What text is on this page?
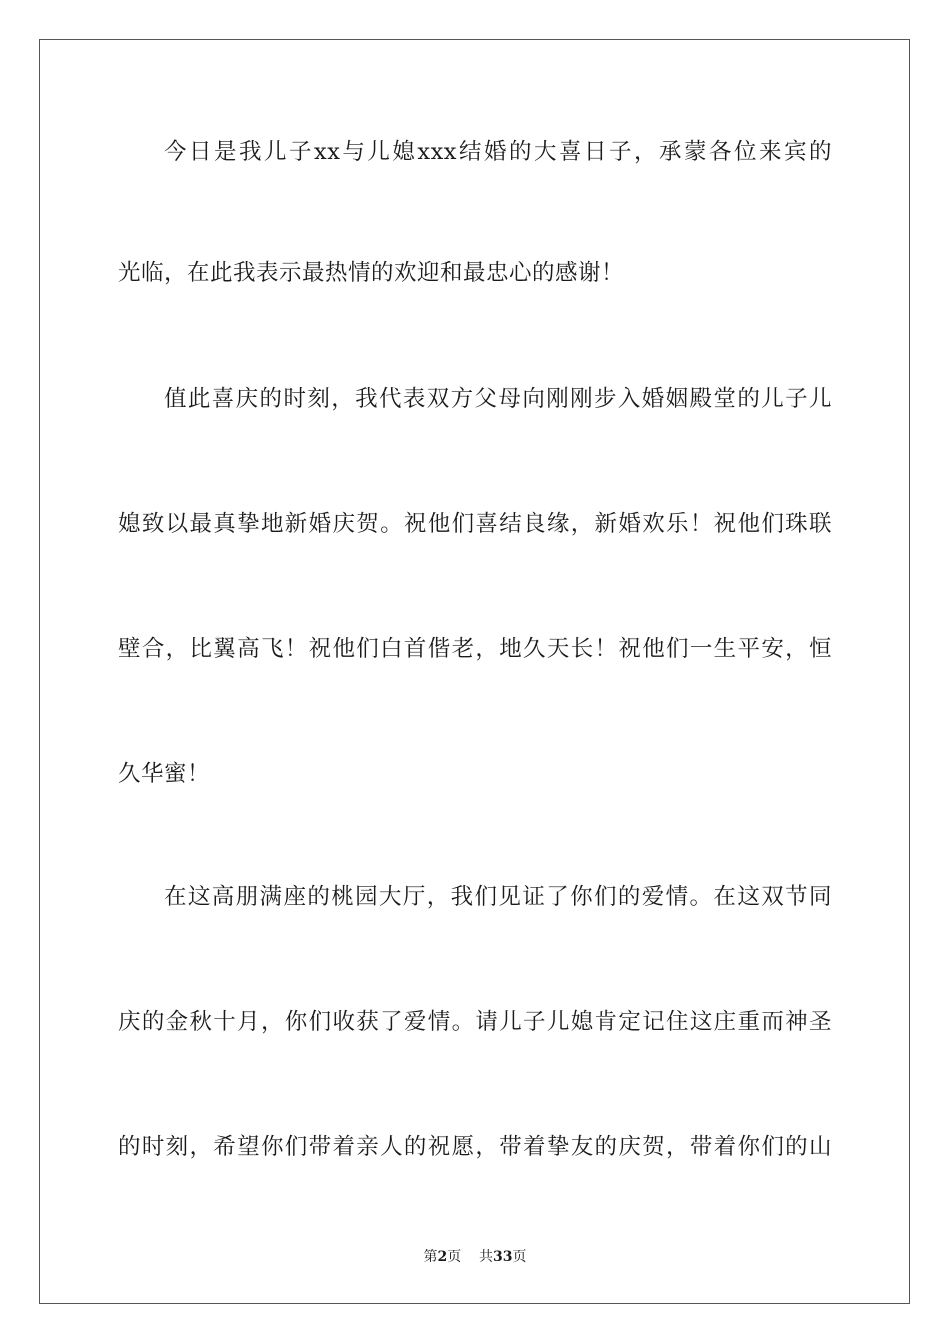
今日是我儿子xx与儿媳xxx结婚的大喜日子，承蒙各位来宾的
光临，在此我表示最热情的欢迎和最忠心的感谢！
值此喜庆的时刻，我代表双方父母向刚刚步入婚姻殿堂的儿子儿
媳致以最真挚地新婚庆贺。祝他们喜结良缘，新婚欢乐！祝他们珠联
壁合，比翼高飞！祝他们白首偕老，地久天长！祝他们一生平安，恒
久华蜜！
在这高朋满座的桃园大厅，我们见证了你们的爱情。在这双节同
庆的金秋十月，你们收获了爱情。请儿子儿媳肯定记住这庄重而神圣
的时刻，希望你们带着亲人的祝愿，带着挚友的庆贺，带着你们的山
第2页 共33页
